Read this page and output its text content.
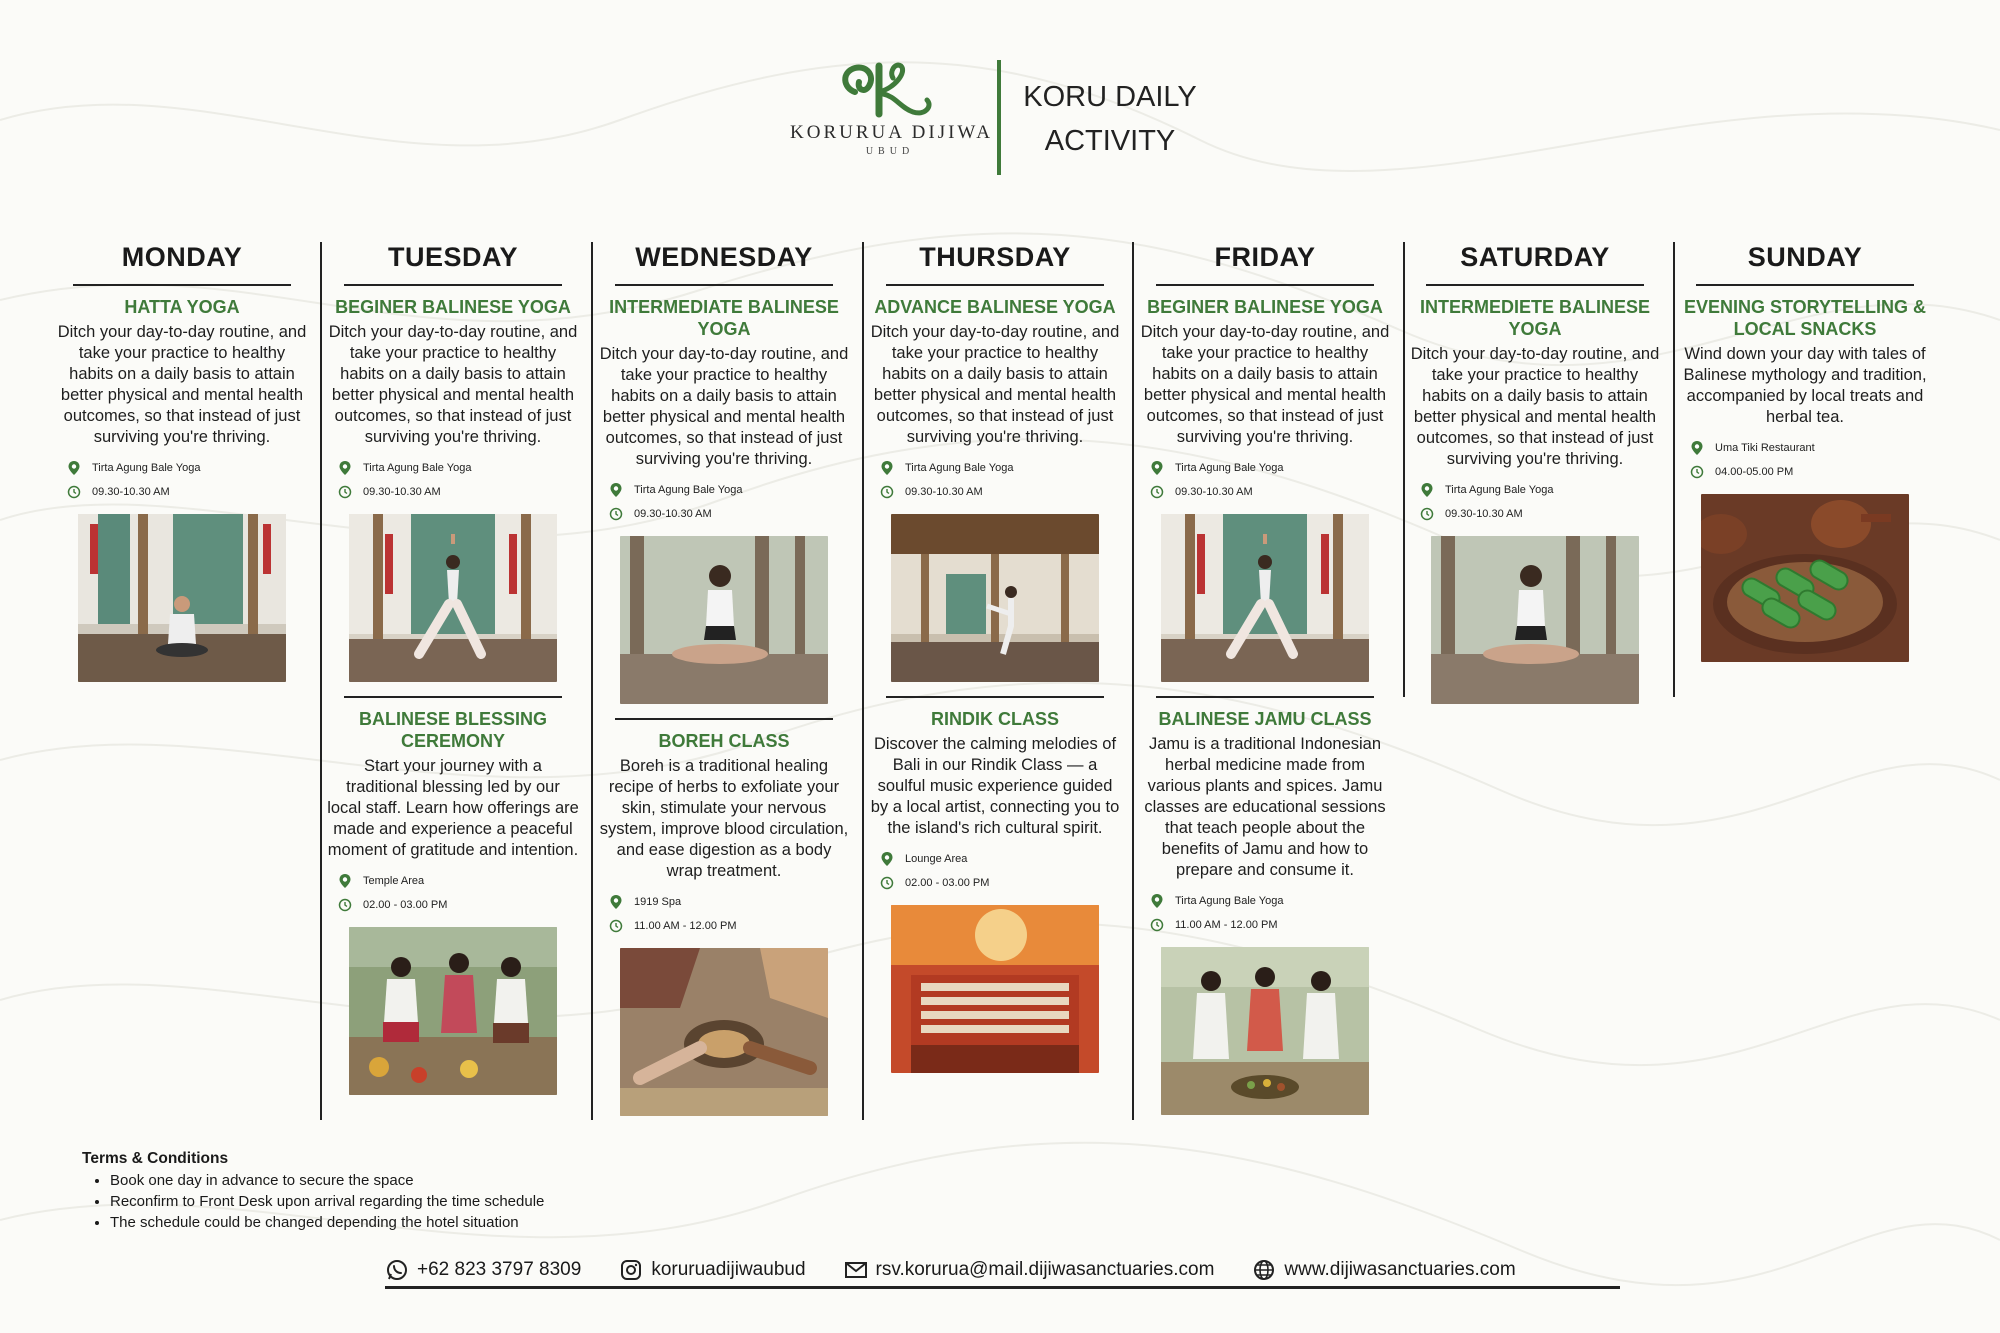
KORURUA DIJIWA
UBUD
KORU DAILY
ACTIVITY
MONDAY
HATTA YOGA
Ditch your day-to-day routine, and take your practice to healthy habits on a daily basis to attain better physical and mental health outcomes, so that instead of just surviving you're thriving.
Tirta Agung Bale Yoga
09.30-10.30 AM
TUESDAY
BEGINER BALINESE YOGA
Ditch your day-to-day routine, and take your practice to healthy habits on a daily basis to attain better physical and mental health outcomes, so that instead of just surviving you're thriving.
Tirta Agung Bale Yoga
09.30-10.30 AM
BALINESE BLESSING CEREMONY
Start your journey with a traditional blessing led by our local staff. Learn how offerings are made and experience a peaceful moment of gratitude and intention.
Temple Area
02.00 - 03.00 PM
WEDNESDAY
INTERMEDIATE BALINESE YOGA
Ditch your day-to-day routine, and take your practice to healthy habits on a daily basis to attain better physical and mental health outcomes, so that instead of just surviving you're thriving.
Tirta Agung Bale Yoga
09.30-10.30 AM
BOREH CLASS
Boreh is a traditional healing recipe of herbs to exfoliate your skin, stimulate your nervous system, improve blood circulation, and ease digestion as a body wrap treatment.
1919 Spa
11.00 AM - 12.00 PM
THURSDAY
ADVANCE BALINESE YOGA
Ditch your day-to-day routine, and take your practice to healthy habits on a daily basis to attain better physical and mental health outcomes, so that instead of just surviving you're thriving.
Tirta Agung Bale Yoga
09.30-10.30 AM
RINDIK CLASS
Discover the calming melodies of Bali in our Rindik Class — a soulful music experience guided by a local artist, connecting you to the island's rich cultural spirit.
Lounge Area
02.00 - 03.00 PM
FRIDAY
BEGINER BALINESE YOGA
Ditch your day-to-day routine, and take your practice to healthy habits on a daily basis to attain better physical and mental health outcomes, so that instead of just surviving you're thriving.
Tirta Agung Bale Yoga
09.30-10.30 AM
BALINESE JAMU CLASS
Jamu is a traditional Indonesian herbal medicine made from various plants and spices. Jamu classes are educational sessions that teach people about the benefits of Jamu and how to prepare and consume it.
Tirta Agung Bale Yoga
11.00 AM - 12.00 PM
SATURDAY
INTERMEDIETE BALINESE YOGA
Ditch your day-to-day routine, and take your practice to healthy habits on a daily basis to attain better physical and mental health outcomes, so that instead of just surviving you're thriving.
Tirta Agung Bale Yoga
09.30-10.30 AM
SUNDAY
EVENING STORYTELLING & LOCAL SNACKS
Wind down your day with tales of Balinese mythology and tradition, accompanied by local treats and herbal tea.
Uma Tiki Restaurant
04.00-05.00 PM
Terms & Conditions
• Book one day in advance to secure the space
• Reconfirm to Front Desk upon arrival regarding the time schedule
• The schedule could be changed depending the hotel situation
+62 823 3797 8309	koruruadijiwaubud	rsv.korurua@mail.dijiwasanctuaries.com	www.dijiwasanctuaries.com
